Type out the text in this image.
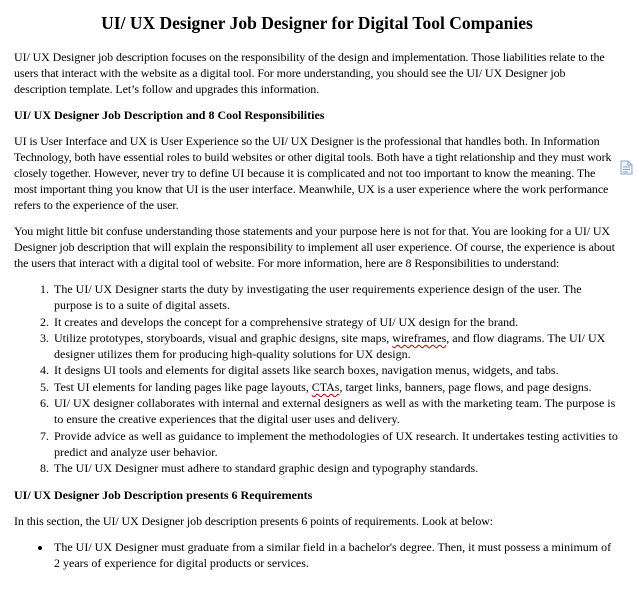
UI/ UX Designer Job Designer for Digital Tool Companies

UI/ UX Designer job description focuses on the responsibility of the design and implementation. Those liabilities relate to the users that interact with the website as a digital tool. For more understanding, you should see the UI/ UX Designer job description template. Let’s follow and upgrades this information.

UI/ UX Designer Job Description and 8 Cool Responsibilities

UI is User Interface and UX is User Experience so the UI/ UX Designer is the professional that handles both. In Information Technology, both have essential roles to build websites or other digital tools. Both have a tight relationship and they must work closely together. However, never try to define UI because it is complicated and not too important to know the meaning. The most important thing you know that UI is the user interface. Meanwhile, UX is a user experience where the work performance refers to the experience of the user.

You might little bit confuse understanding those statements and your purpose here is not for that. You are looking for a UI/ UX Designer job description that will explain the responsibility to implement all user experience. Of course, the experience is about the users that interact with a digital tool of website. For more information, here are 8 Responsibilities to understand:

1. The UI/ UX Designer starts the duty by investigating the user requirements experience design of the user. The purpose is to a suite of digital assets.
2. It creates and develops the concept for a comprehensive strategy of UI/ UX design for the brand.
3. Utilize prototypes, storyboards, visual and graphic designs, site maps, wireframes, and flow diagrams. The UI/ UX designer utilizes them for producing high-quality solutions for UX design.
4. It designs UI tools and elements for digital assets like search boxes, navigation menus, widgets, and tabs.
5. Test UI elements for landing pages like page layouts, CTAs, target links, banners, page flows, and page designs.
6. UI/ UX designer collaborates with internal and external designers as well as with the marketing team. The purpose is to ensure the creative experiences that the digital user uses and delivery.
7. Provide advice as well as guidance to implement the methodologies of UX research. It undertakes testing activities to predict and analyze user behavior.
8. The UI/ UX Designer must adhere to standard graphic design and typography standards.
UI/ UX Designer Job Description presents 6 Requirements

In this section, the UI/ UX Designer job description presents 6 points of requirements. Look at below:

• The UI/ UX Designer must graduate from a similar field in a bachelor's degree. Then, it must possess a minimum of 2 years of experience for digital products or services.
